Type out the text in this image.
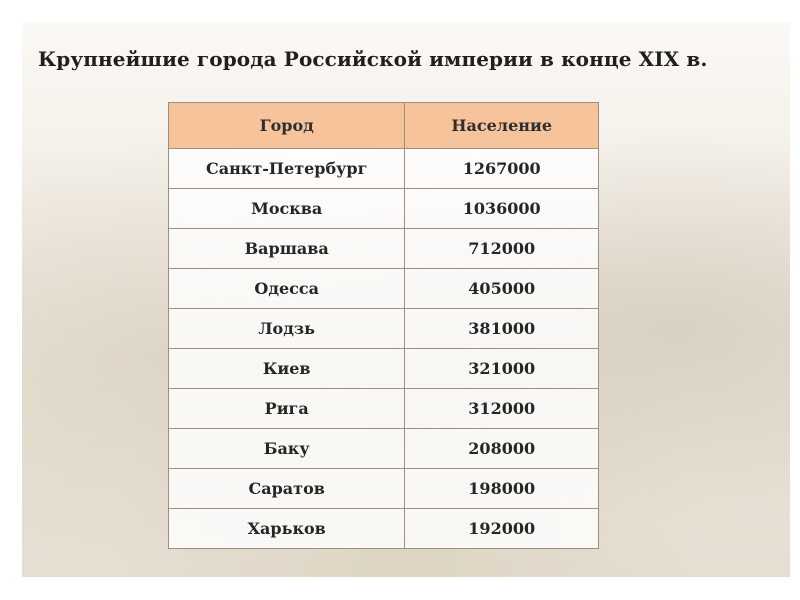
Крупнейшие города Российской империи в конце XIX в.
Город	Население
Санкт-Петербург	1267000
Москва	1036000
Варшава	712000
Одесса	405000
Лодзь	381000
Киев	321000
Рига	312000
Баку	208000
Саратов	198000
Харьков	192000
